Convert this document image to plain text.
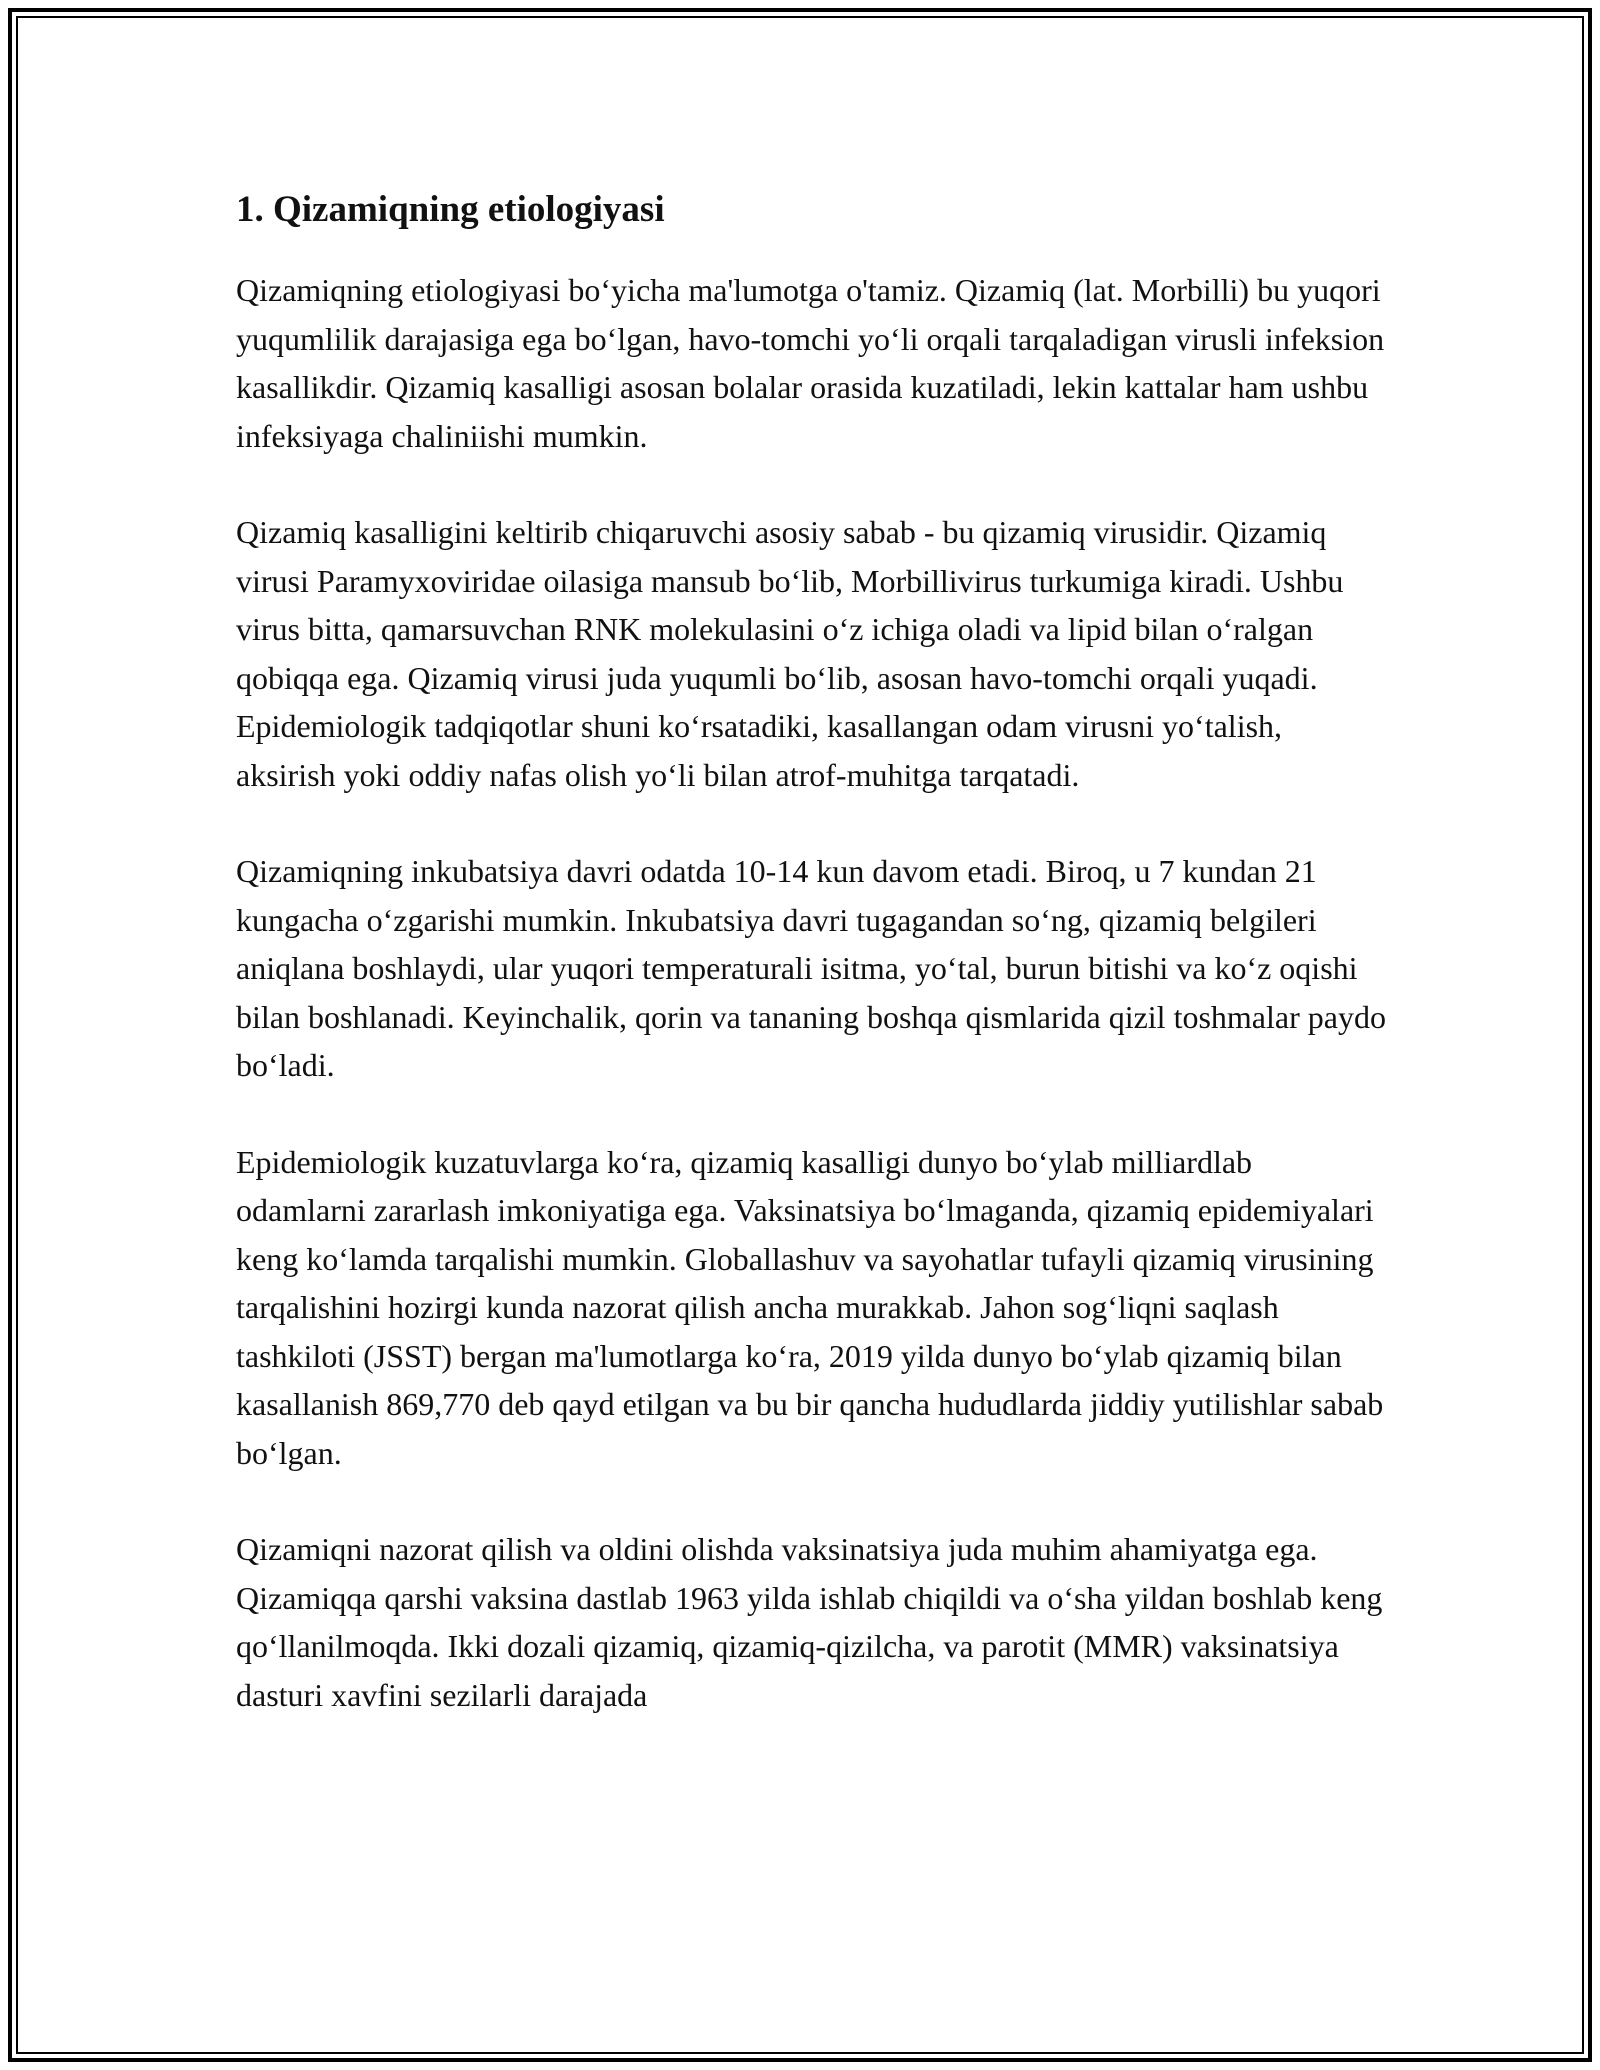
1. Qizamiqning etiologiyasi

Qizamiqning etiologiyasi bo‘yicha ma'lumotga o'tamiz. Qizamiq (lat. Morbilli) bu yuqori yuqumlilik darajasiga ega bo‘lgan, havo-tomchi yo‘li orqali tarqaladigan virusli infeksion kasallikdir. Qizamiq kasalligi asosan bolalar orasida kuzatiladi, lekin kattalar ham ushbu infeksiyaga chaliniishi mumkin.

Qizamiq kasalligini keltirib chiqaruvchi asosiy sabab - bu qizamiq virusidir. Qizamiq virusi Paramyxoviridae oilasiga mansub bo‘lib, Morbillivirus turkumiga kiradi. Ushbu virus bitta, qamarsuvchan RNK molekulasini o‘z ichiga oladi va lipid bilan o‘ralgan qobiqqa ega. Qizamiq virusi juda yuqumli bo‘lib, asosan havo-tomchi orqali yuqadi. Epidemiologik tadqiqotlar shuni ko‘rsatadiki, kasallangan odam virusni yo‘talish, aksirish yoki oddiy nafas olish yo‘li bilan atrof-muhitga tarqatadi.

Qizamiqning inkubatsiya davri odatda 10-14 kun davom etadi. Biroq, u 7 kundan 21 kungacha o‘zgarishi mumkin. Inkubatsiya davri tugagandan so‘ng, qizamiq belgileri aniqlana boshlaydi, ular yuqori temperaturali isitma, yo‘tal, burun bitishi va ko‘z oqishi bilan boshlanadi. Keyinchalik, qorin va tananing boshqa qismlarida qizil toshmalar paydo bo‘ladi.

Epidemiologik kuzatuvlarga ko‘ra, qizamiq kasalligi dunyo bo‘ylab milliardlab odamlarni zararlash imkoniyatiga ega. Vaksinatsiya bo‘lmaganda, qizamiq epidemiyalari keng ko‘lamda tarqalishi mumkin. Globallashuv va sayohatlar tufayli qizamiq virusining tarqalishini hozirgi kunda nazorat qilish ancha murakkab. Jahon sog‘liqni saqlash tashkiloti (JSST) bergan ma'lumotlarga ko‘ra, 2019 yilda dunyo bo‘ylab qizamiq bilan kasallanish 869,770 deb qayd etilgan va bu bir qancha hududlarda jiddiy yutilishlar sabab bo‘lgan.

Qizamiqni nazorat qilish va oldini olishda vaksinatsiya juda muhim ahamiyatga ega. Qizamiqqa qarshi vaksina dastlab 1963 yilda ishlab chiqildi va o‘sha yildan boshlab keng qo‘llanilmoqda. Ikki dozali qizamiq, qizamiq-qizilcha, va parotit (MMR) vaksinatsiya dasturi xavfini sezilarli darajada
